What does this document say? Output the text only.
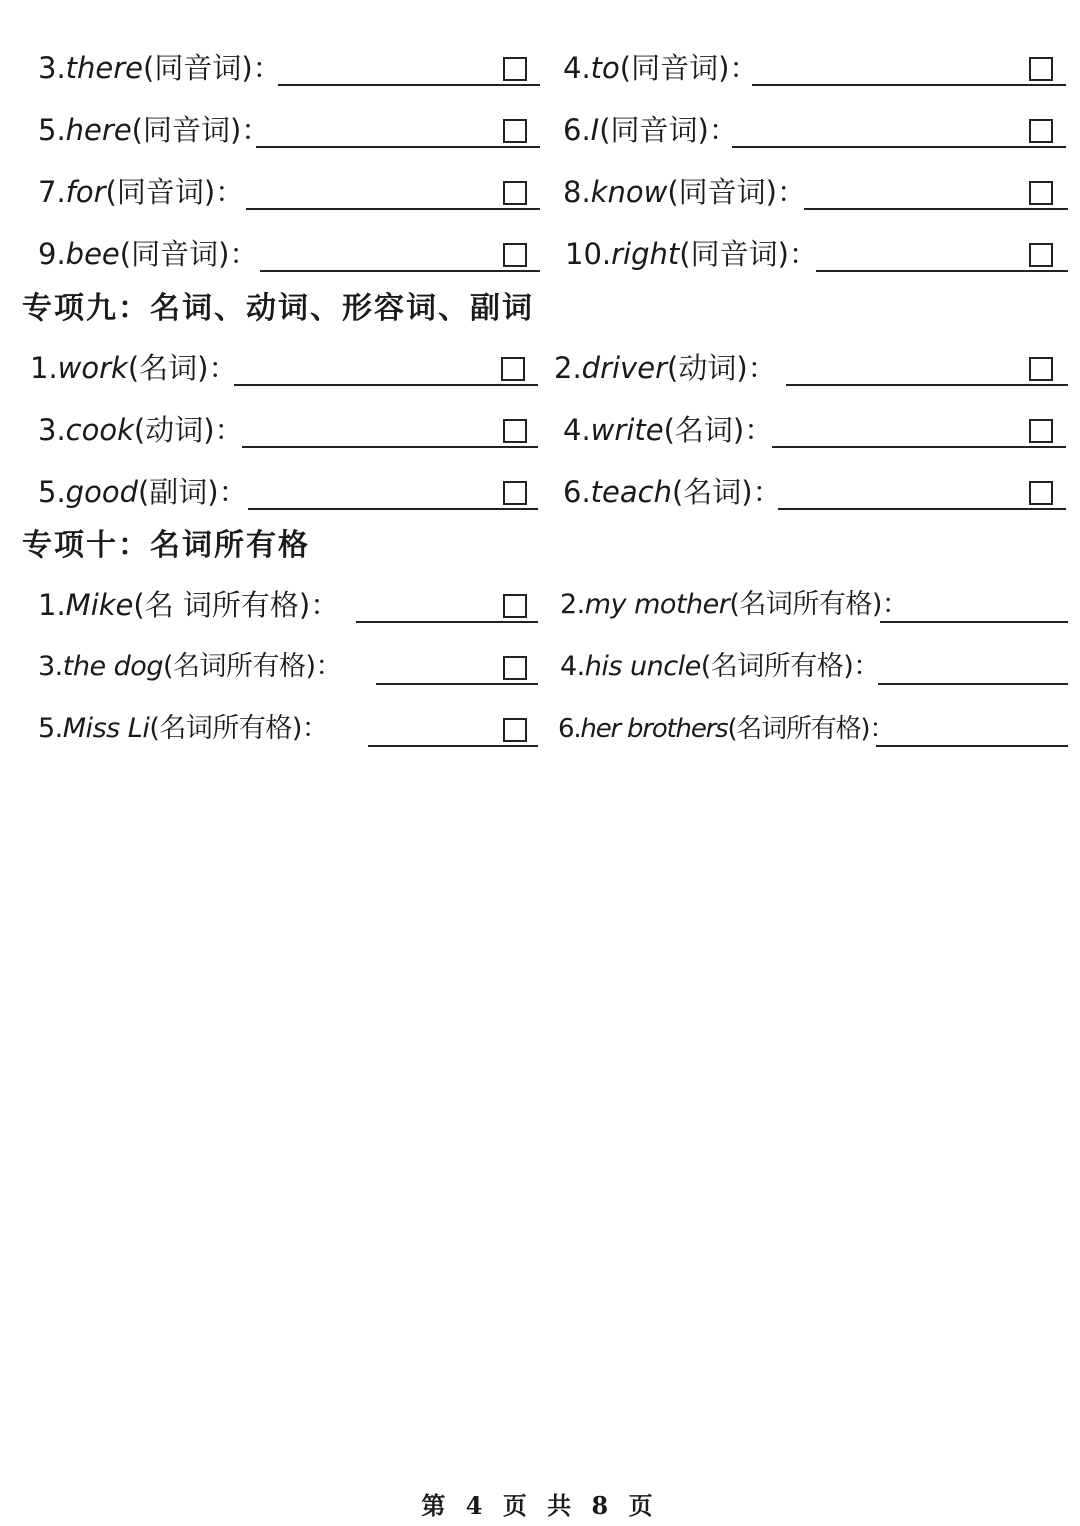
3.there(同音词)：	4.to(同音词)：
5.here(同音词)：	6.I(同音词)：
7.for(同音词)：	8.know(同音词)：
9.bee(同音词)：	10.right(同音词)：
专项九：名词、动词、形容词、副词
1.work(名词)：	2.driver(动词)：
3.cook(动词)：	4.write(名词)：
5.good(副词)：	6.teach(名词)：
专项十：名词所有格
1.Mike(名 词所有格)：	2.my mother(名词所有格)：
3.the dog(名词所有格)：	4.his uncle(名词所有格)：
5.Miss Li(名词所有格)：	6.her brothers(名词所有格)：
第 4 页 共 8 页
